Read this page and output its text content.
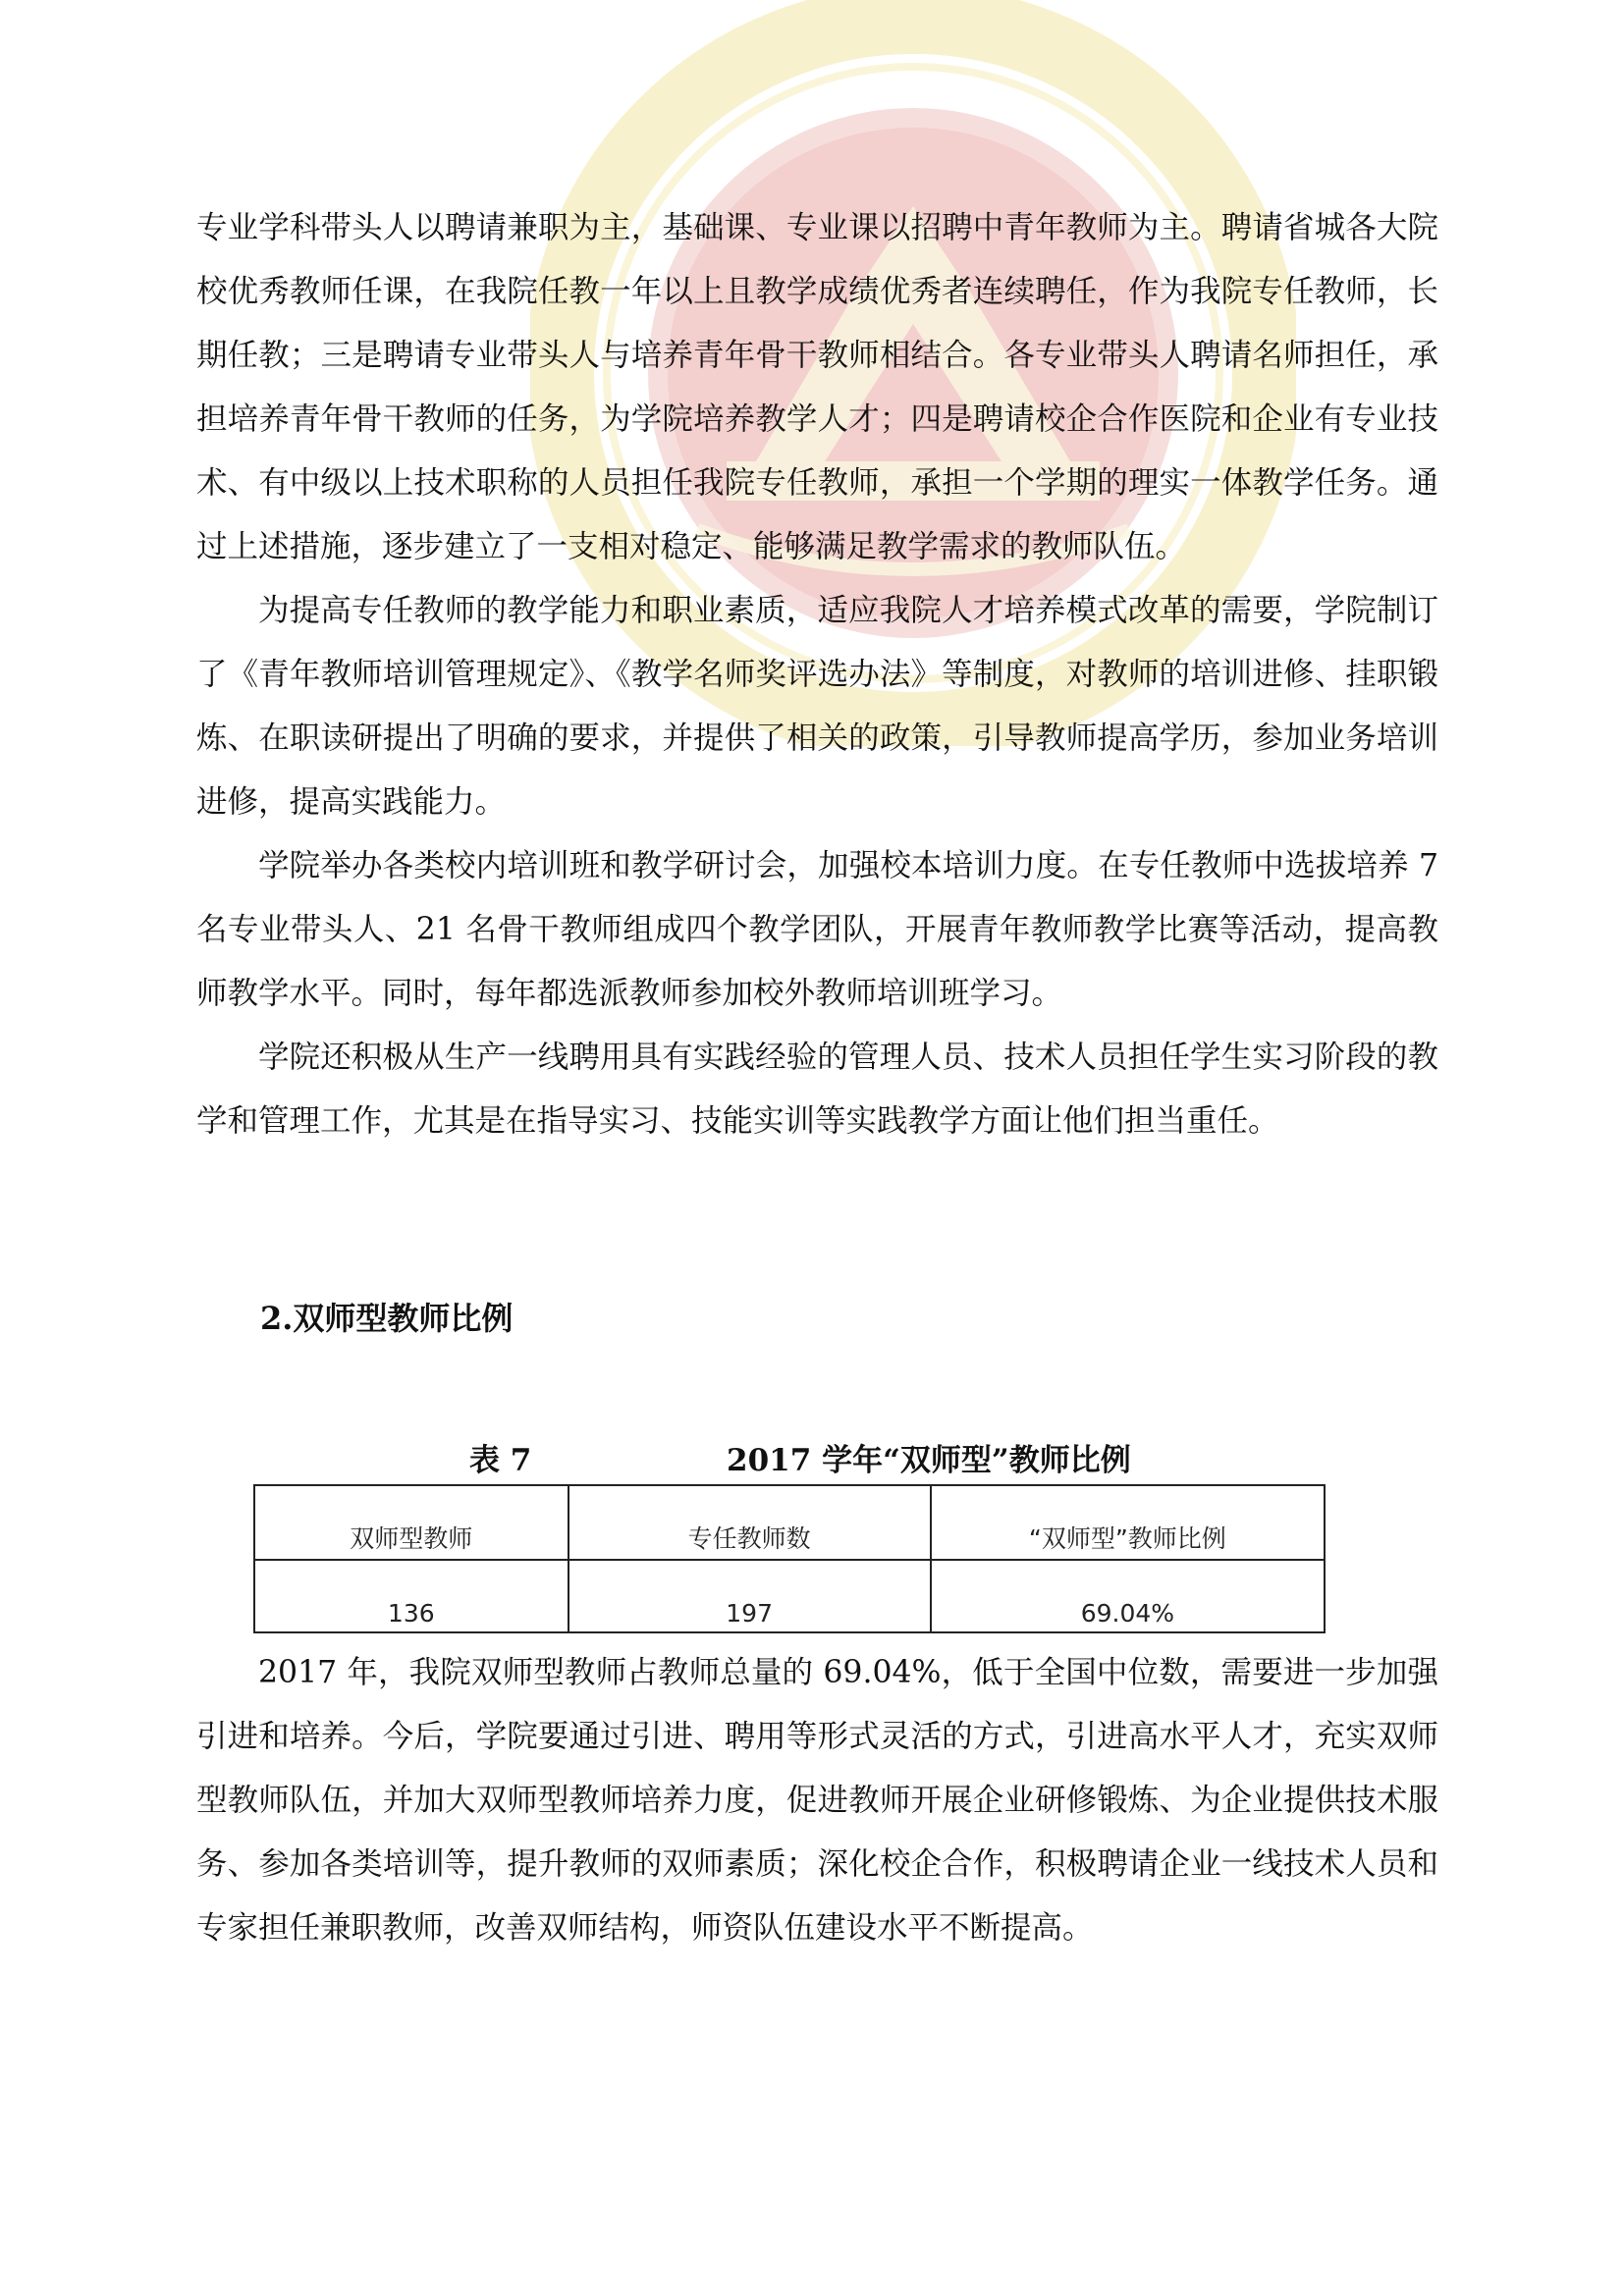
专业学科带头人以聘请兼职为主，基础课、专业课以招聘中青年教师为主。聘请省城各大院校优秀教师任课，在我院任教一年以上且教学成绩优秀者连续聘任，作为我院专任教师，长期任教；三是聘请专业带头人与培养青年骨干教师相结合。各专业带头人聘请名师担任，承担培养青年骨干教师的任务，为学院培养教学人才；四是聘请校企合作医院和企业有专业技术、有中级以上技术职称的人员担任我院专任教师，承担一个学期的理实一体教学任务。通过上述措施，逐步建立了一支相对稳定、能够满足教学需求的教师队伍。

为提高专任教师的教学能力和职业素质，适应我院人才培养模式改革的需要，学院制订了《青年教师培训管理规定》、《教学名师奖评选办法》等制度，对教师的培训进修、挂职锻炼、在职读研提出了明确的要求，并提供了相关的政策，引导教师提高学历，参加业务培训进修，提高实践能力。

学院举办各类校内培训班和教学研讨会，加强校本培训力度。在专任教师中选拔培养 7 名专业带头人、21 名骨干教师组成四个教学团队，开展青年教师教学比赛等活动，提高教师教学水平。同时，每年都选派教师参加校外教师培训班学习。

学院还积极从生产一线聘用具有实践经验的管理人员、技术人员担任学生实习阶段的教学和管理工作，尤其是在指导实习、技能实训等实践教学方面让他们担当重任。

2.双师型教师比例
表 7	2017 学年“双师型”教师比例
双师型教师	专任教师数	“双师型”教师比例
136	197	69.04%

2017 年，我院双师型教师占教师总量的 69.04%，低于全国中位数，需要进一步加强引进和培养。今后，学院要通过引进、聘用等形式灵活的方式，引进高水平人才，充实双师型教师队伍，并加大双师型教师培养力度，促进教师开展企业研修锻炼、为企业提供技术服务、参加各类培训等，提升教师的双师素质；深化校企合作，积极聘请企业一线技术人员和专家担任兼职教师，改善双师结构，师资队伍建设水平不断提高。
